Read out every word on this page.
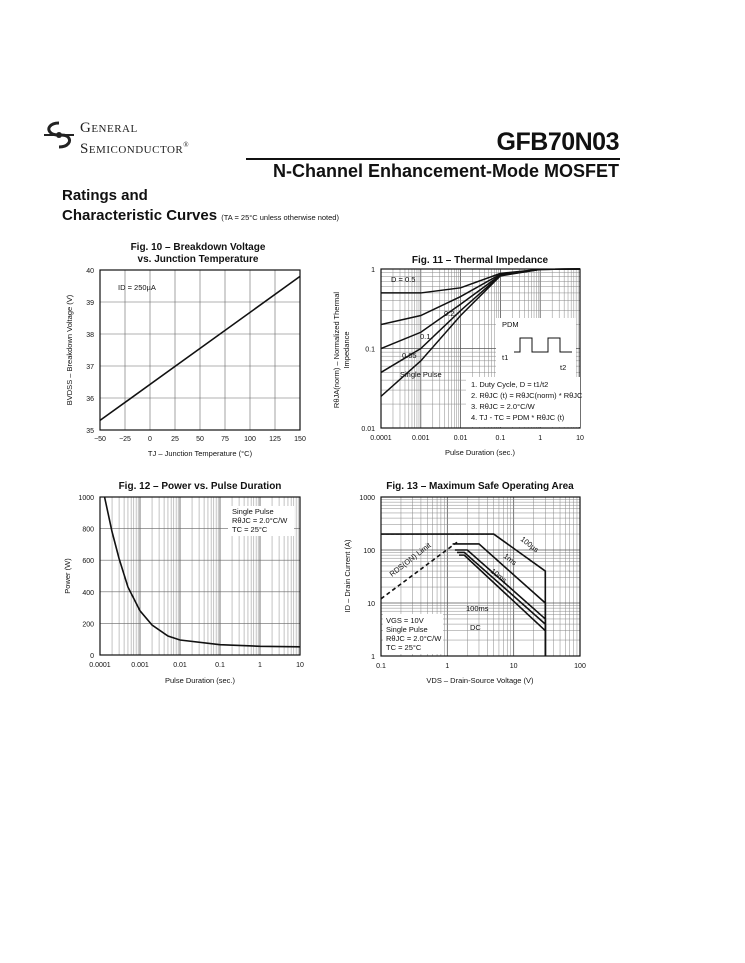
General
Semiconductor®	GFB70N03
N-Channel Enhancement-Mode MOSFET
Ratings and
Characteristic Curves (TA = 25°C unless otherwise noted)
Fig. 10 – Breakdown Voltage
vs. Junction Temperature
ID = 250µA
TJ – Junction Temperature (°C)
BVDSS – Breakdown Voltage (V)
−50 −25 0	25 50 75 100 125 150
35
36
37
38
39
40
Fig. 11 – Thermal Impedance
D = 0.5
0.2
0.1
0.05
Single Pulse
PDM
t1
t2
1. Duty Cycle, D = t1/t2
2. RθJC (t) = RθJC(norm) * RθJC
3. RθJC = 2.0°C/W
4. TJ - TC = PDM * RθJC (t)
Pulse Duration (sec.)
RθJA(norm) – Normalized Thermal Impedance
0.0001	0.001	0.01	0.1	1	10
1
0.1
0.01
Fig. 12 – Power vs. Pulse Duration
Single Pulse
RθJC = 2.0°C/W
TC = 25°C
Pulse Duration (sec.)
Power (W)
0.0001	0.001	0.01	0.1	1	10
0
200
400
600
800
1000
Fig. 13 – Maximum Safe Operating Area
RDS(ON) Limit	100µs
1ms
10ms
100ms
DC
VGS = 10V
Single Pulse
RθJC = 2.0°C/W
TC = 25°C
VDS – Drain-Source Voltage (V)
ID – Drain Current (A)
0.1	1	10	100
1
10
100
1000
